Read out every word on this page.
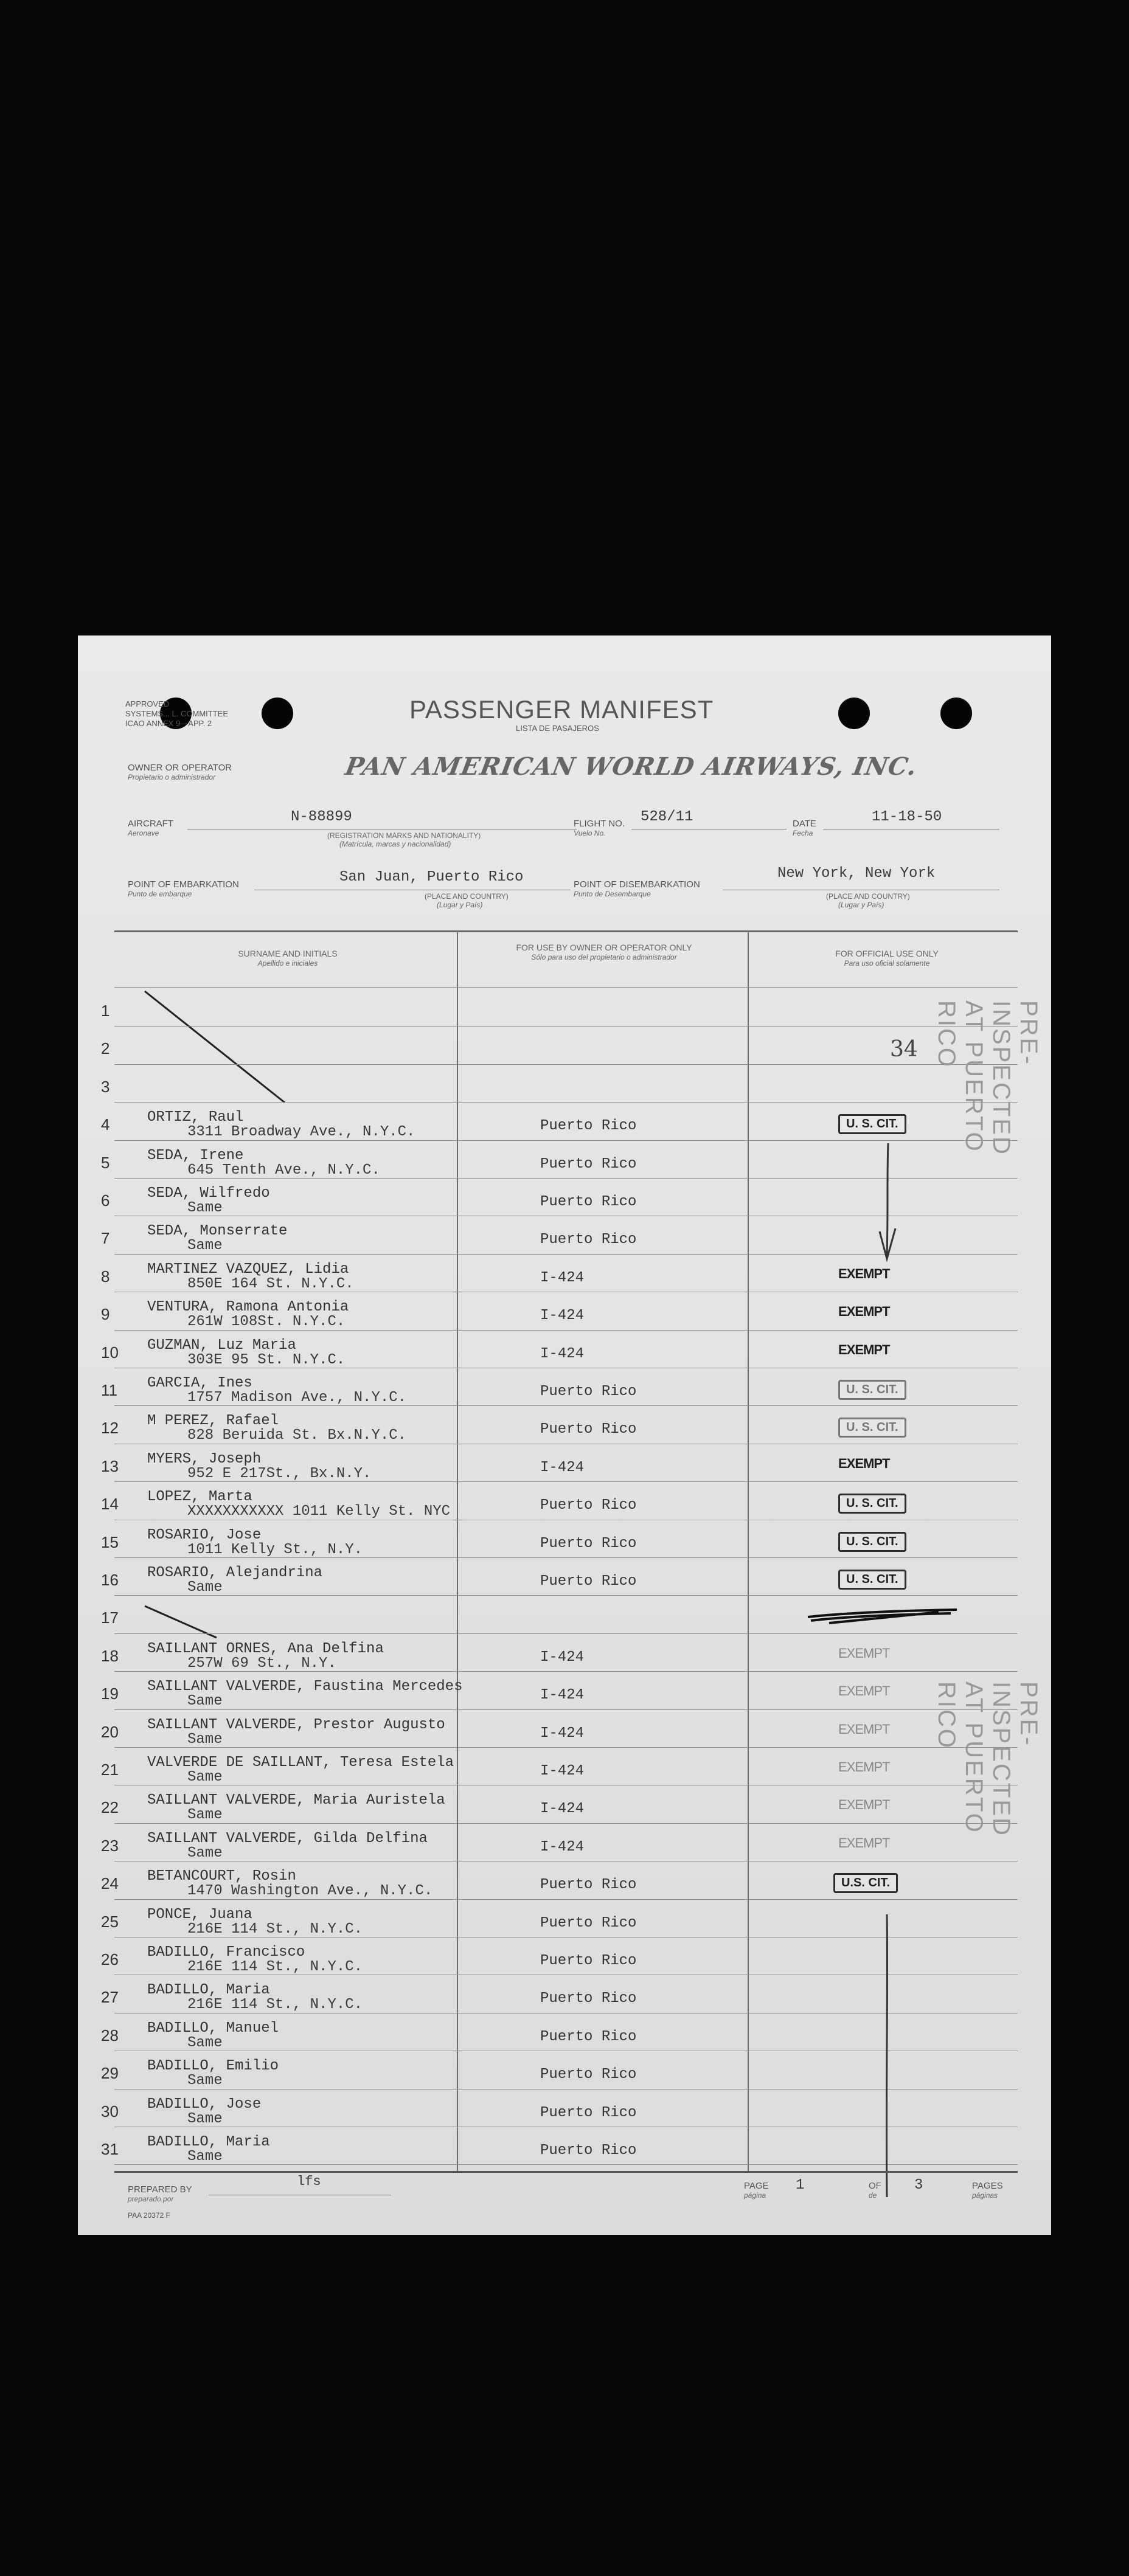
APPROVED
SYSTEMS... L. COMMITTEE
ICAO ANNEX 9—APP. 2	PASSENGER MANIFEST
LISTA DE PASAJEROS
OWNER OR OPERATOR
Propietario o administrador	PAN AMERICAN WORLD AIRWAYS, INC.
AIRCRAFT
Aeronave
N-88899
(REGISTRATION MARKS AND NATIONALITY)
(Matrícula, marcas y nacionalidad)
FLIGHT NO.
Vuelo No.
528/11	DATE
Fecha
11-18-50
POINT OF EMBARKATION
Punto de embarque
San Juan, Puerto Rico
(PLACE AND COUNTRY)
(Lugar y País)
POINT OF DISEMBARKATION
Punto de Desembarque
New York, New York
(PLACE AND COUNTRY)
(Lugar y País)
SURNAME AND INITIALS
Apellido e iniciales
FOR USE BY OWNER OR OPERATOR ONLY
Sólo para uso del propietario o administrador	FOR OFFICIAL USE ONLY
Para uso oficial solamente
1
2
3
4	ORTIZ, Raul
3311 Broadway Ave., N.Y.C.	Puerto Rico	U. S. CIT.
5	SEDA, Irene
645 Tenth Ave., N.Y.C.	Puerto Rico
6	SEDA, Wilfredo
Same	Puerto Rico
7	SEDA, Monserrate
Same	Puerto Rico
8	MARTINEZ VAZQUEZ, Lidia
850E 164 St. N.Y.C.	I-424	EXEMPT
9	VENTURA, Ramona Antonia
261W 108St. N.Y.C.	I-424	EXEMPT
10 GUZMAN, Luz Maria
303E 95 St. N.Y.C.	I-424	EXEMPT
11	GARCIA, Ines
1757 Madison Ave., N.Y.C.	Puerto Rico	U. S. CIT.
12 M PEREZ, Rafael
828 Beruida St. Bx.N.Y.C.	Puerto Rico	U. S. CIT.
13 MYERS, Joseph
952 E 217St., Bx.N.Y.	I-424	EXEMPT
14 LOPEZ, Marta
XXXXXXXXXXX 1011 Kelly St. NYC	Puerto Rico	U. S. CIT.
15 ROSARIO, Jose
1011 Kelly St., N.Y.	Puerto Rico	U. S. CIT.
16 ROSARIO, Alejandrina
Same	Puerto Rico	U. S. CIT.
17
18 SAILLANT ORNES, Ana Delfina
257W 69 St., N.Y.	I-424	EXEMPT
19 SAILLANT VALVERDE, Faustina Mercedes
Same	I-424	EXEMPT
20 SAILLANT VALVERDE, Prestor Augusto
Same	I-424	EXEMPT
21 VALVERDE DE SAILLANT, Teresa Estela
Same	I-424	EXEMPT
22 SAILLANT VALVERDE, Maria Auristela
Same	I-424	EXEMPT
23 SAILLANT VALVERDE, Gilda Delfina
Same	I-424	EXEMPT
24 BETANCOURT, Rosin
1470 Washington Ave., N.Y.C.	Puerto Rico	U.S. CIT.
25 PONCE, Juana
216E 114 St., N.Y.C.	Puerto Rico
26 BADILLO, Francisco
216E 114 St., N.Y.C.	Puerto Rico
27 BADILLO, Maria
216E 114 St., N.Y.C.	Puerto Rico
28 BADILLO, Manuel
Same	Puerto Rico
29 BADILLO, Emilio
Same	Puerto Rico
30 BADILLO, Jose
Same	Puerto Rico
31 BADILLO, Maria
Same	Puerto Rico
34	PRE-INSPECTED AT PUERTO RICO
PRE-INSPECTED AT PUERTO RICO
PREPARED BY
preparado por
lfs
PAA 20372 F
PAGE
página
1	OF
de
3	PAGES
páginas
